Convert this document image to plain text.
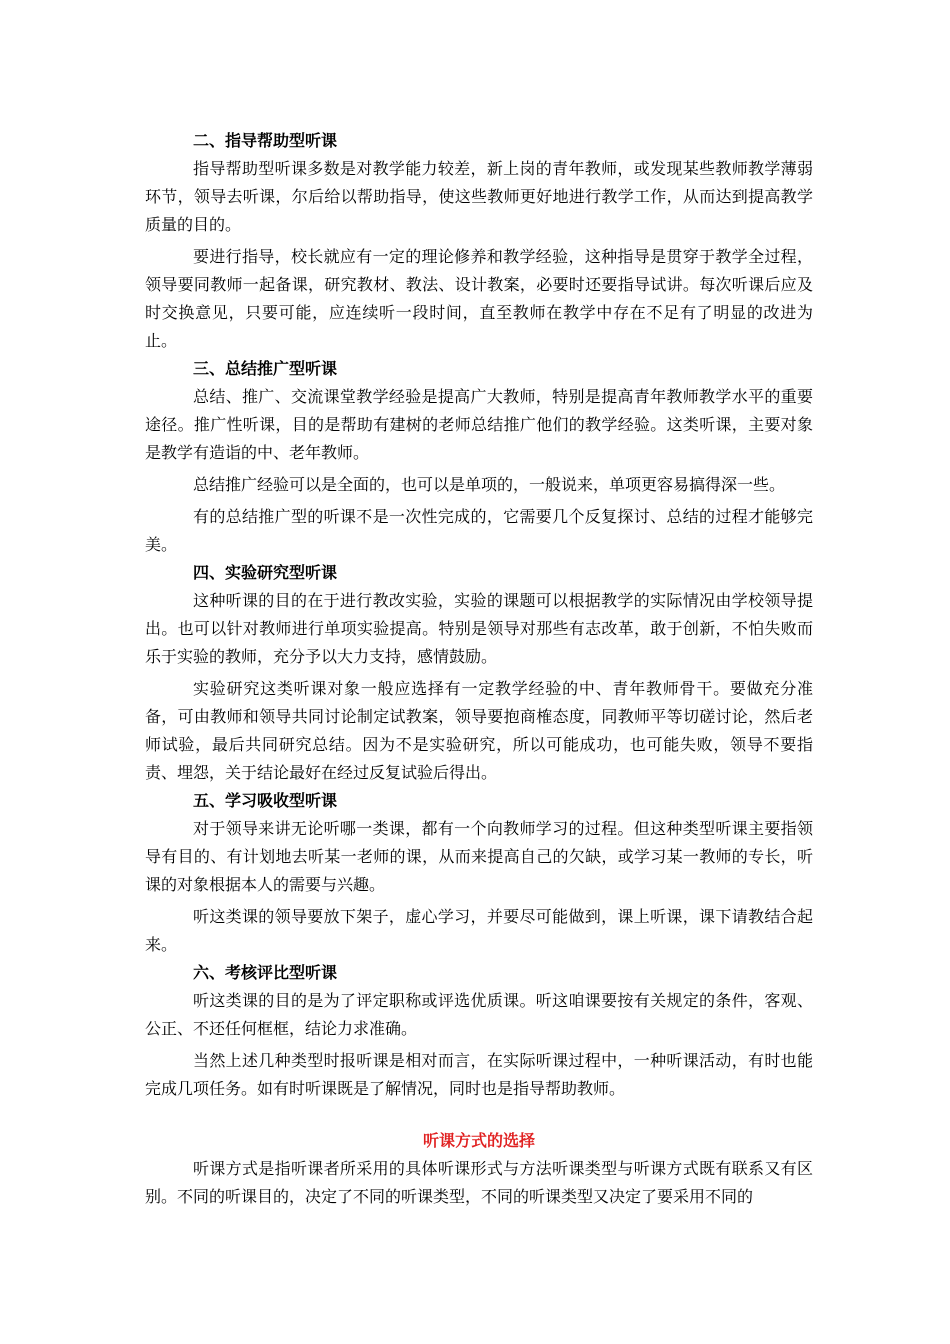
二、指导帮助型听课

指导帮助型听课多数是对教学能力较差，新上岗的青年教师，或发现某些教师教学薄弱环节，领导去听课，尔后给以帮助指导，使这些教师更好地进行教学工作，从而达到提高教学质量的目的。

要进行指导，校长就应有一定的理论修养和教学经验，这种指导是贯穿于教学全过程，领导要同教师一起备课，研究教材、教法、设计教案，必要时还要指导试讲。每次听课后应及时交换意见，只要可能，应连续听一段时间，直至教师在教学中存在不足有了明显的改进为止。

三、总结推广型听课

总结、推广、交流课堂教学经验是提高广大教师，特别是提高青年教师教学水平的重要途径。推广性听课，目的是帮助有建树的老师总结推广他们的教学经验。这类听课，主要对象是教学有造诣的中、老年教师。

总结推广经验可以是全面的，也可以是单项的，一般说来，单项更容易搞得深一些。

有的总结推广型的听课不是一次性完成的，它需要几个反复探讨、总结的过程才能够完美。

四、实验研究型听课

这种听课的目的在于进行教改实验，实验的课题可以根据教学的实际情况由学校领导提出。也可以针对教师进行单项实验提高。特别是领导对那些有志改革，敢于创新，不怕失败而乐于实验的教师，充分予以大力支持，感情鼓励。

实验研究这类听课对象一般应选择有一定教学经验的中、青年教师骨干。要做充分准备，可由教师和领导共同讨论制定试教案，领导要抱商榷态度，同教师平等切磋讨论，然后老师试验，最后共同研究总结。因为不是实验研究，所以可能成功，也可能失败，领导不要指责、埋怨，关于结论最好在经过反复试验后得出。

五、学习吸收型听课

对于领导来讲无论听哪一类课，都有一个向教师学习的过程。但这种类型听课主要指领导有目的、有计划地去听某一老师的课，从而来提高自己的欠缺，或学习某一教师的专长，听课的对象根据本人的需要与兴趣。

听这类课的领导要放下架子，虚心学习，并要尽可能做到，课上听课，课下请教结合起来。

六、考核评比型听课

听这类课的目的是为了评定职称或评选优质课。听这咱课要按有关规定的条件，客观、公正、不还任何框框，结论力求准确。

当然上述几种类型时报听课是相对而言，在实际听课过程中，一种听课活动，有时也能完成几项任务。如有时听课既是了解情况，同时也是指导帮助教师。

听课方式的选择

听课方式是指听课者所采用的具体听课形式与方法听课类型与听课方式既有联系又有区别。不同的听课目的，决定了不同的听课类型，不同的听课类型又决定了要采用不同的
